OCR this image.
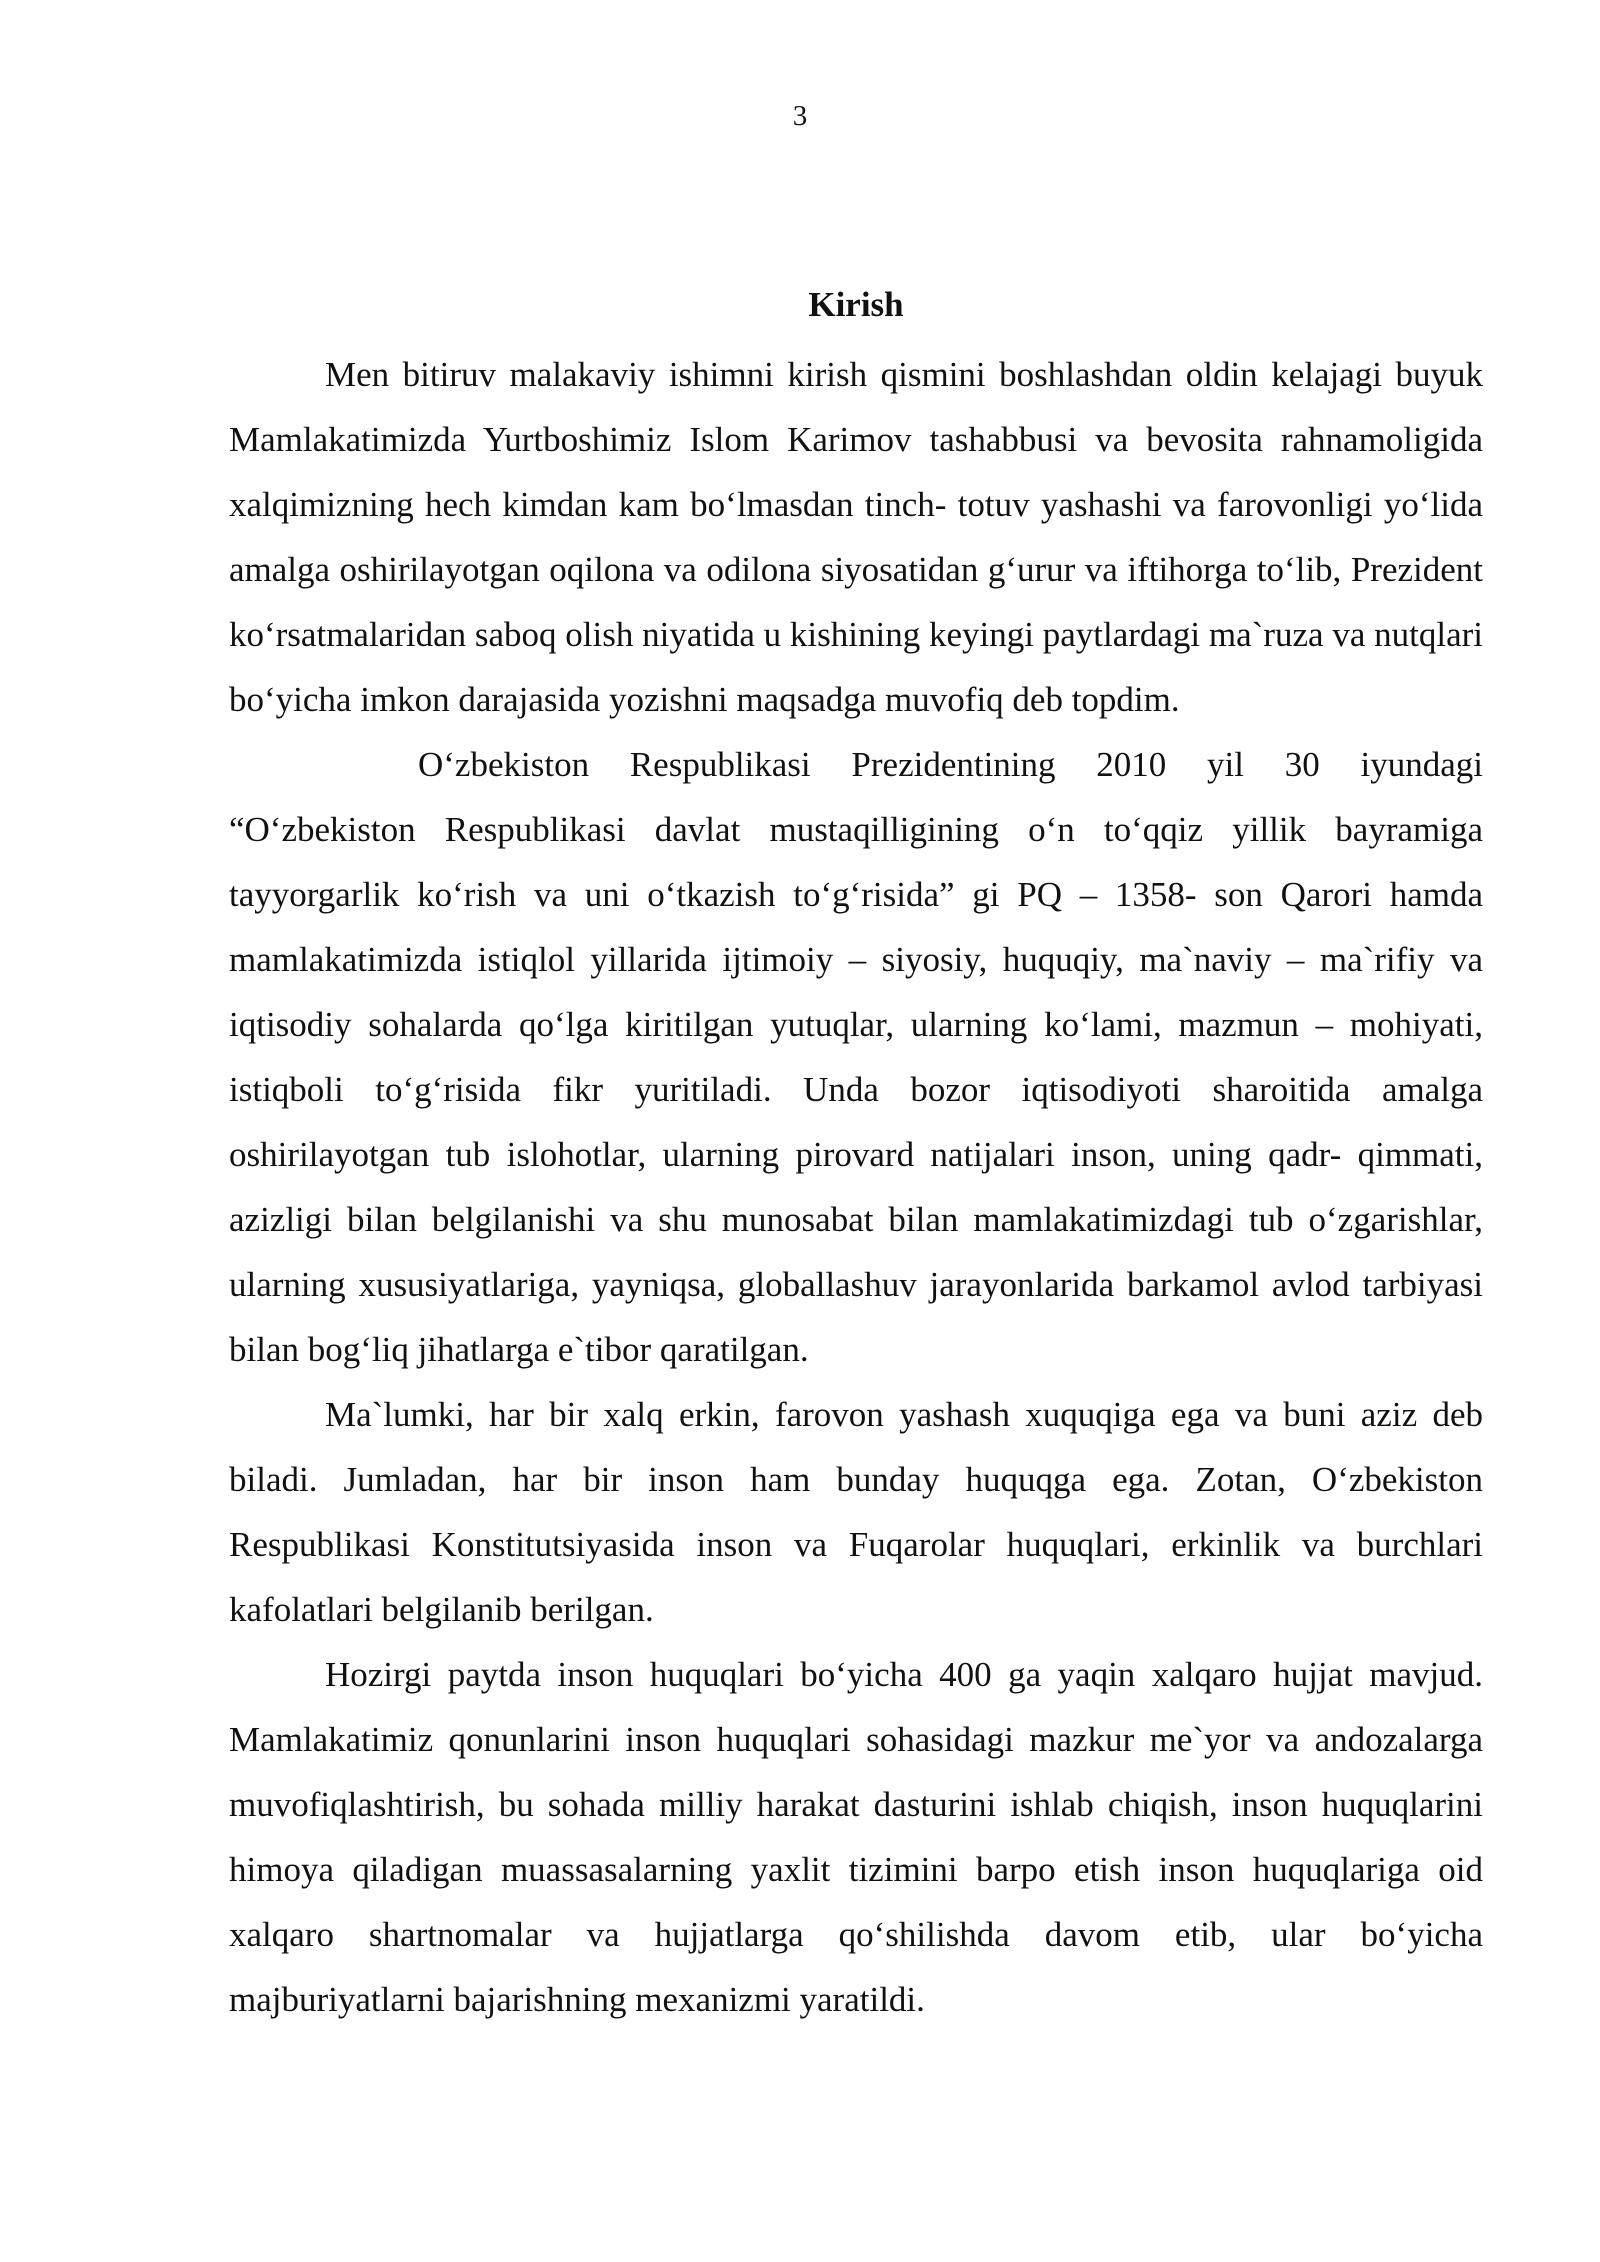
3
Kirish

Men bitiruv malakaviy ishimni kirish qismini boshlashdan oldin kelajagi buyuk Mamlakatimizda Yurtboshimiz Islom Karimov tashabbusi va bevosita rahnamoligida xalqimizning hech kimdan kam bo‘lmasdan tinch- totuv yashashi va farovonligi yo‘lida amalga oshirilayotgan oqilona va odilona siyosatidan g‘urur va iftihorga to‘lib, Prezident ko‘rsatmalaridan saboq olish niyatida u kishining keyingi paytlardagi ma`ruza va nutqlari bo‘yicha imkon darajasida yozishni maqsadga muvofiq deb topdim.

O‘zbekiston Respublikasi Prezidentining 2010 yil 30 iyundagi “O‘zbekiston Respublikasi davlat mustaqilligining o‘n to‘qqiz yillik bayramiga tayyorgarlik ko‘rish va uni o‘tkazish to‘g‘risida” gi PQ – 1358- son Qarori hamda mamlakatimizda istiqlol yillarida ijtimoiy – siyosiy, huquqiy, ma`naviy – ma`rifiy va iqtisodiy sohalarda qo‘lga kiritilgan yutuqlar, ularning ko‘lami, mazmun – mohiyati, istiqboli to‘g‘risida fikr yuritiladi. Unda bozor iqtisodiyoti sharoitida amalga oshirilayotgan tub islohotlar, ularning pirovard natijalari inson, uning qadr- qimmati, azizligi bilan belgilanishi va shu munosabat bilan mamlakatimizdagi tub o‘zgarishlar, ularning xususiyatlariga, yayniqsa, globallashuv jarayonlarida barkamol avlod tarbiyasi bilan bog‘liq jihatlarga e`tibor qaratilgan.

Ma`lumki, har bir xalq erkin, farovon yashash xuquqiga ega va buni aziz deb biladi. Jumladan, har bir inson ham bunday huquqga ega. Zotan, O‘zbekiston Respublikasi Konstitutsiyasida inson va Fuqarolar huquqlari, erkinlik va burchlari kafolatlari belgilanib berilgan.

Hozirgi paytda inson huquqlari bo‘yicha 400 ga yaqin xalqaro hujjat mavjud. Mamlakatimiz qonunlarini inson huquqlari sohasidagi mazkur me`yor va andozalarga muvofiqlashtirish, bu sohada milliy harakat dasturini ishlab chiqish, inson huquqlarini himoya qiladigan muassasalarning yaxlit tizimini barpo etish inson huquqlariga oid xalqaro shartnomalar va hujjatlarga qo‘shilishda davom etib, ular bo‘yicha majburiyatlarni bajarishning mexanizmi yaratildi.
